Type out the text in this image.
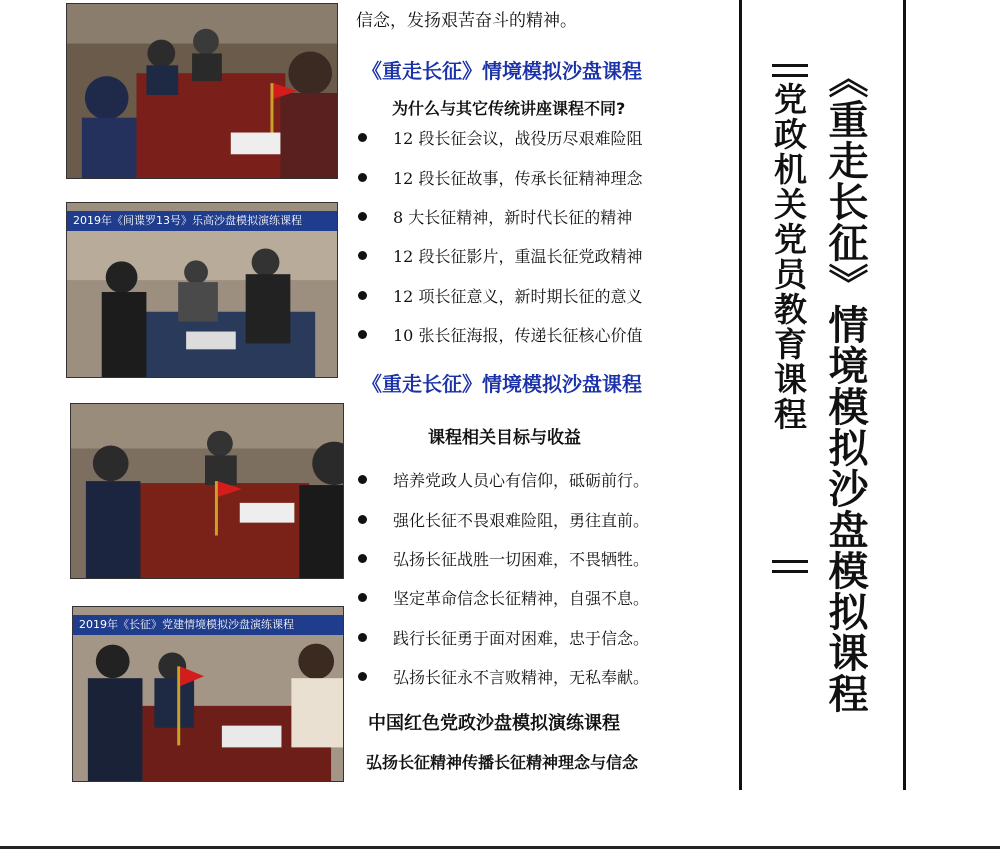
2019年《间谍罗13号》乐高沙盘模拟演练课程
2019年《长征》党建情境模拟沙盘演练课程
信念，发扬艰苦奋斗的精神。
《重走长征》情境模拟沙盘课程
为什么与其它传统讲座课程不同?
12 段长征会议，战役历尽艰难险阻
12 段长征故事，传承长征精神理念
8 大长征精神，新时代长征的精神
12 段长征影片，重温长征党政精神
12 项长征意义，新时期长征的意义
10 张长征海报，传递长征核心价值
《重走长征》情境模拟沙盘课程
课程相关目标与收益
培养党政人员心有信仰，砥砺前行。
强化长征不畏艰难险阻，勇往直前。
弘扬长征战胜一切困难，不畏牺牲。
坚定革命信念长征精神，自强不息。
践行长征勇于面对困难，忠于信念。
弘扬长征永不言败精神，无私奉献。
中国红色党政沙盘模拟演练课程
弘扬长征精神传播长征精神理念与信念
《重走长征》情境模拟沙盘模拟课程
党政机关党员教育课程
